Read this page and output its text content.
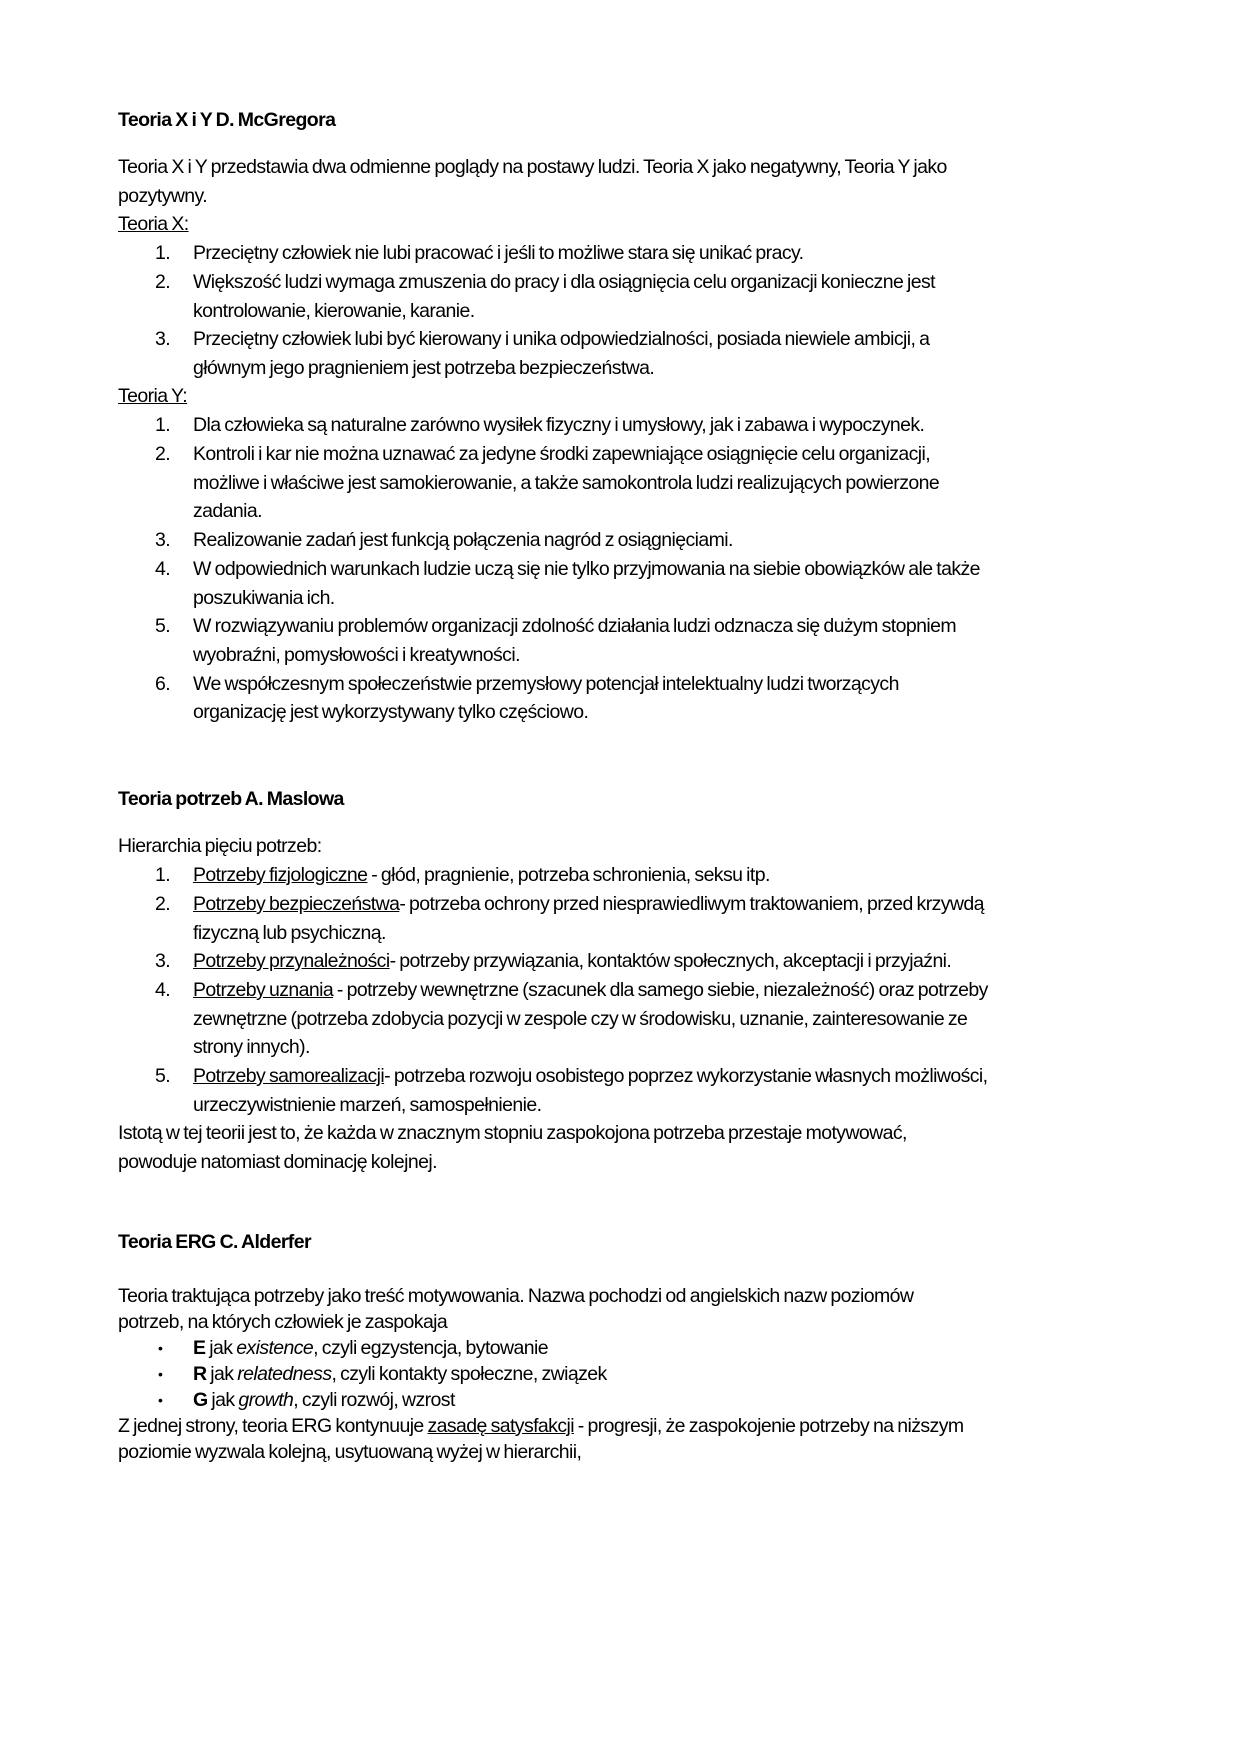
Teoria X i Y D. McGregora
Teoria X i Y przedstawia dwa odmienne poglądy na postawy ludzi. Teoria X jako negatywny, Teoria Y jako
pozytywny.
Teoria X:
1. Przeciętny człowiek nie lubi pracować i jeśli to możliwe stara się unikać pracy.
2. Większość ludzi wymaga zmuszenia do pracy i dla osiągnięcia celu organizacji konieczne jest
kontrolowanie, kierowanie, karanie.
3. Przeciętny człowiek lubi być kierowany i unika odpowiedzialności, posiada niewiele ambicji, a
głównym jego pragnieniem jest potrzeba bezpieczeństwa.
Teoria Y:
1. Dla człowieka są naturalne zarówno wysiłek fizyczny i umysłowy, jak i zabawa i wypoczynek.
2. Kontroli i kar nie można uznawać za jedyne środki zapewniające osiągnięcie celu organizacji,
możliwe i właściwe jest samokierowanie, a także samokontrola ludzi realizujących powierzone
zadania.
3. Realizowanie zadań jest funkcją połączenia nagród z osiągnięciami.
4. W odpowiednich warunkach ludzie uczą się nie tylko przyjmowania na siebie obowiązków ale także
poszukiwania ich.
5. W rozwiązywaniu problemów organizacji zdolność działania ludzi odznacza się dużym stopniem
wyobraźni, pomysłowości i kreatywności.
6. We współczesnym społeczeństwie przemysłowy potencjał intelektualny ludzi tworzących
organizację jest wykorzystywany tylko częściowo.
Teoria potrzeb A. Maslowa
Hierarchia pięciu potrzeb:
1. Potrzeby fizjologiczne - głód, pragnienie, potrzeba schronienia, seksu itp.
2. Potrzeby bezpieczeństwa- potrzeba ochrony przed niesprawiedliwym traktowaniem, przed krzywdą
fizyczną lub psychiczną.
3. Potrzeby przynależności- potrzeby przywiązania, kontaktów społecznych, akceptacji i przyjaźni.
4. Potrzeby uznania - potrzeby wewnętrzne (szacunek dla samego siebie, niezależność) oraz potrzeby
zewnętrzne (potrzeba zdobycia pozycji w zespole czy w środowisku, uznanie, zainteresowanie ze
strony innych).
5. Potrzeby samorealizacji- potrzeba rozwoju osobistego poprzez wykorzystanie własnych możliwości,
urzeczywistnienie marzeń, samospełnienie.
Istotą w tej teorii jest to, że każda w znacznym stopniu zaspokojona potrzeba przestaje motywować,
powoduje natomiast dominację kolejnej.
Teoria ERG C. Alderfer
Teoria traktująca potrzeby jako treść motywowania. Nazwa pochodzi od angielskich nazw poziomów
potrzeb, na których człowiek je zaspokaja
• E jak existence, czyli egzystencja, bytowanie
• R jak relatedness, czyli kontakty społeczne, związek
• G jak growth, czyli rozwój, wzrost
Z jednej strony, teoria ERG kontynuuje zasadę satysfakcji - progresji, że zaspokojenie potrzeby na niższym
poziomie wyzwala kolejną, usytuowaną wyżej w hierarchii,
